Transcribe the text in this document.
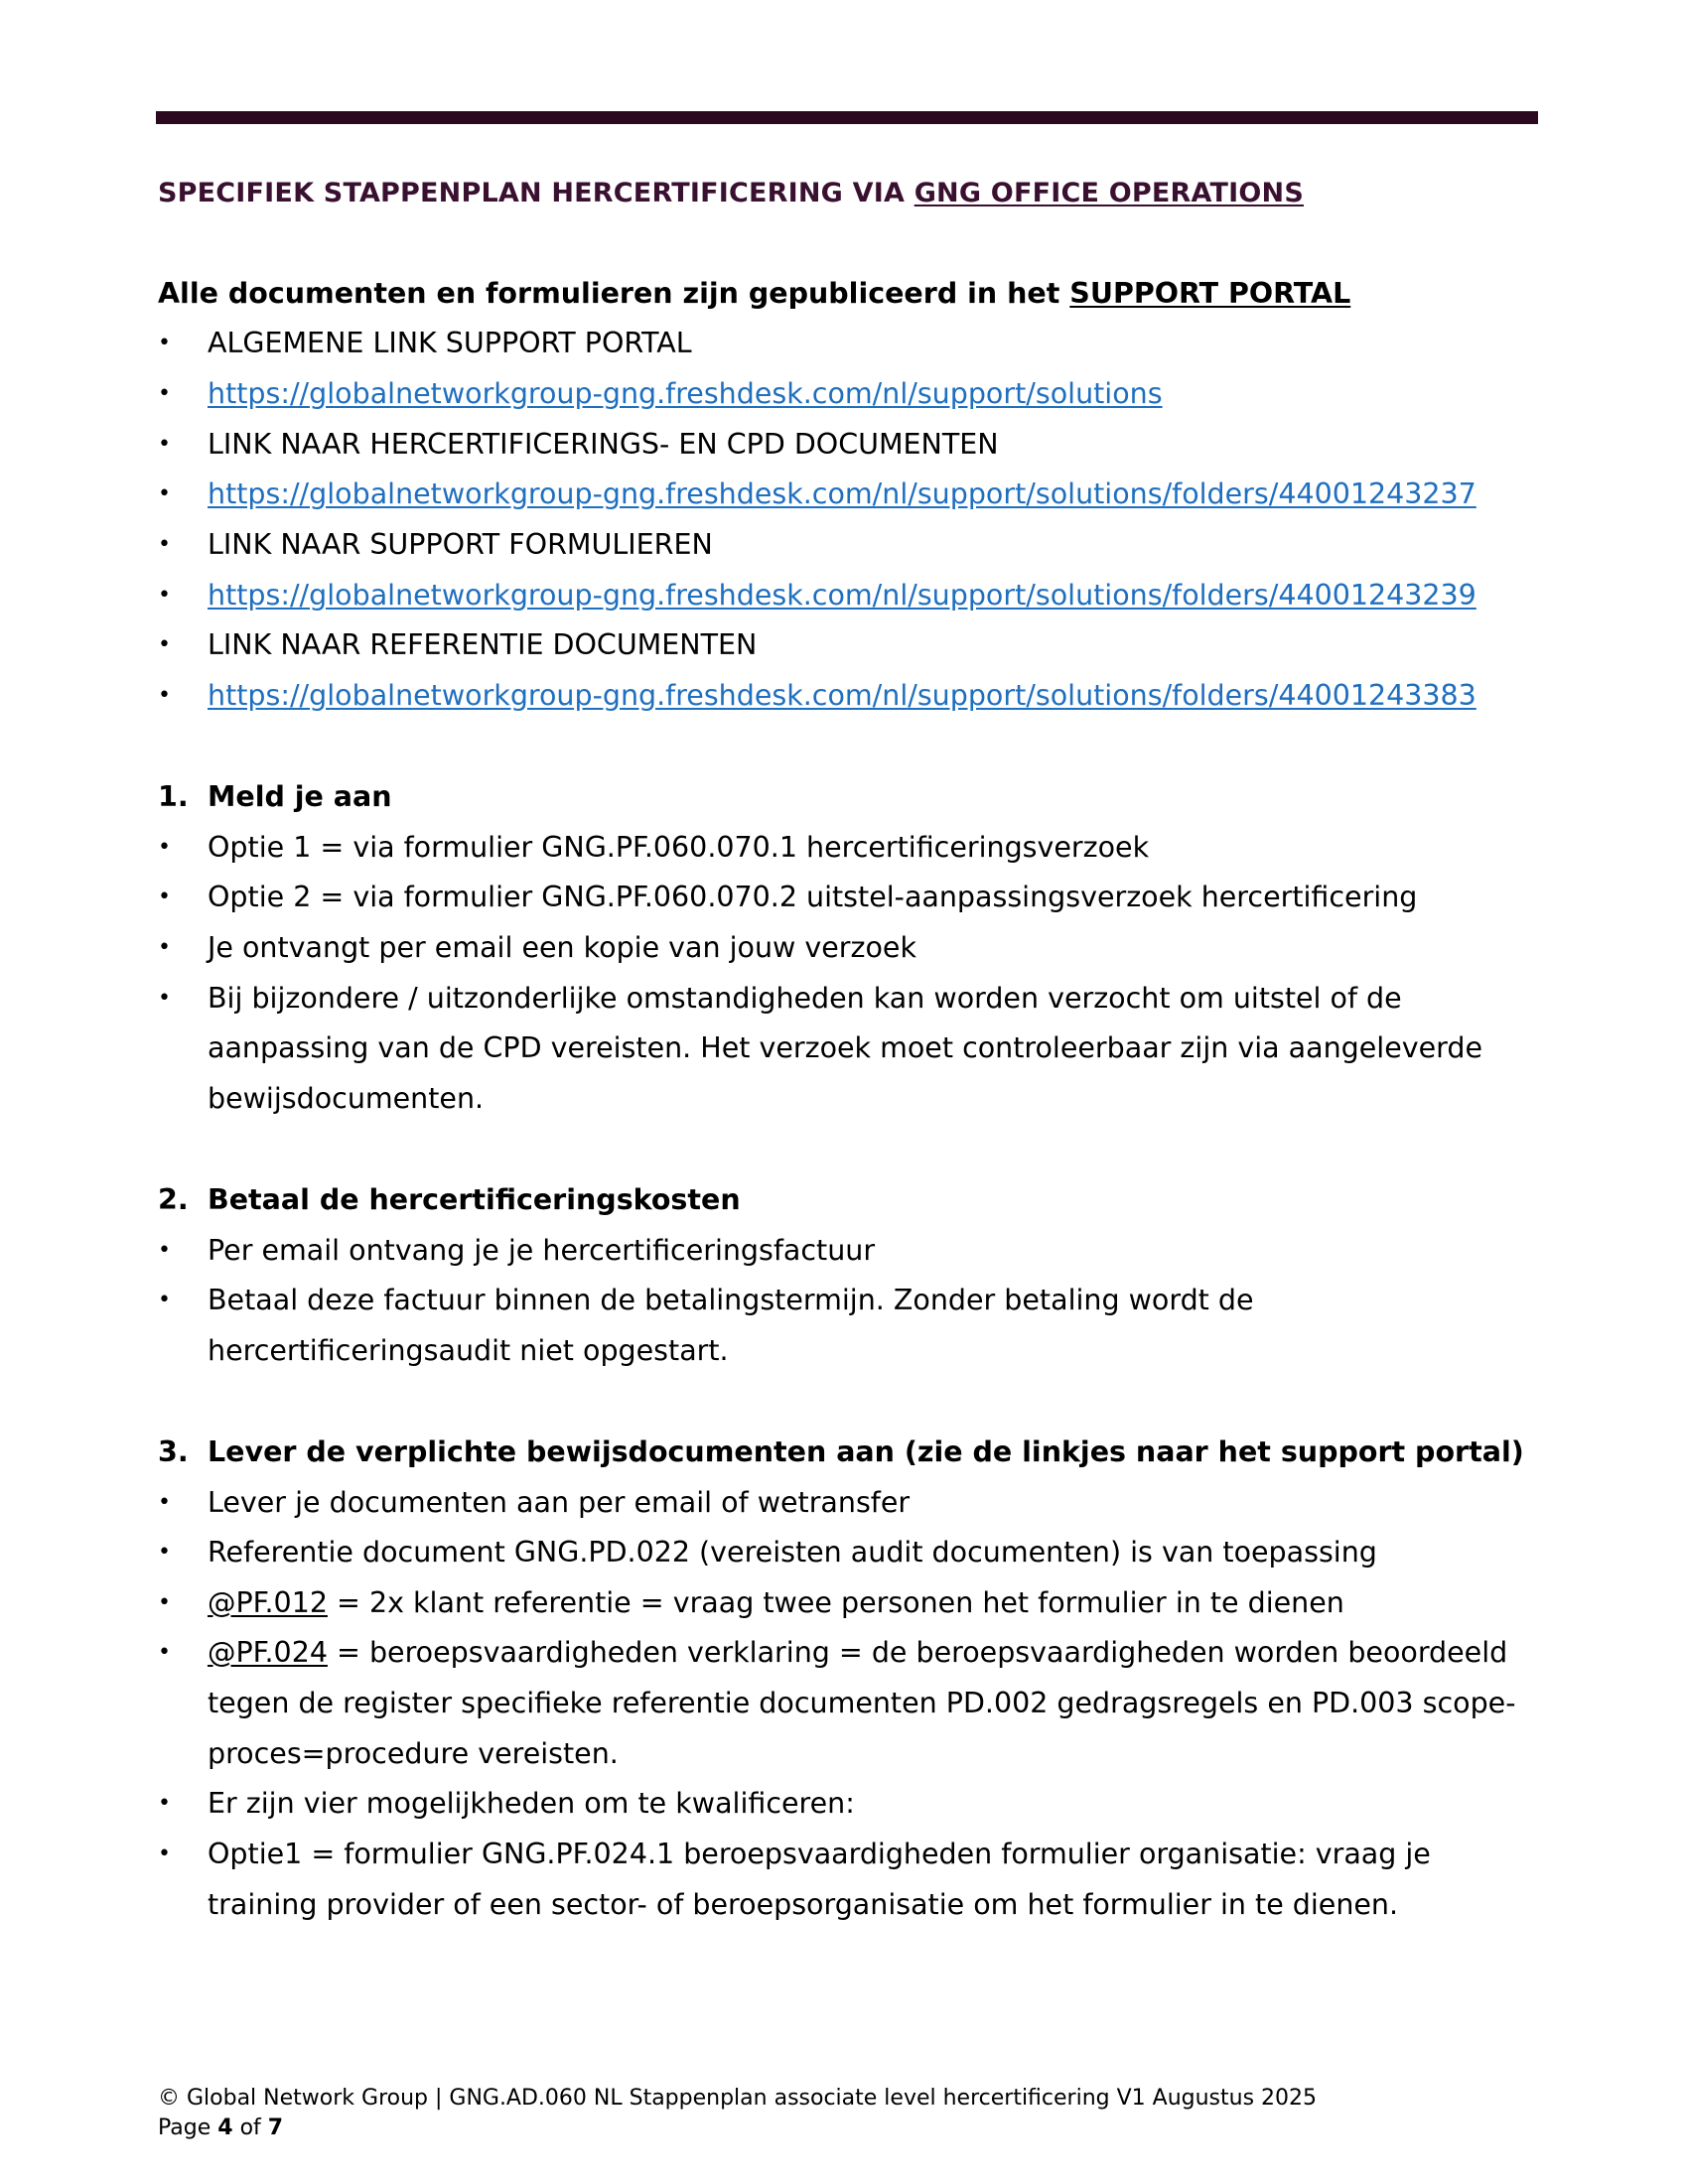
SPECIFIEK STAPPENPLAN HERCERTIFICERING VIA GNG OFFICE OPERATIONS
Alle documenten en formulieren zijn gepubliceerd in het SUPPORT PORTAL
• ALGEMENE LINK SUPPORT PORTAL
• https://globalnetworkgroup-gng.freshdesk.com/nl/support/solutions
• LINK NAAR HERCERTIFICERINGS- EN CPD DOCUMENTEN
• https://globalnetworkgroup-gng.freshdesk.com/nl/support/solutions/folders/44001243237
• LINK NAAR SUPPORT FORMULIEREN
• https://globalnetworkgroup-gng.freshdesk.com/nl/support/solutions/folders/44001243239
• LINK NAAR REFERENTIE DOCUMENTEN
• https://globalnetworkgroup-gng.freshdesk.com/nl/support/solutions/folders/44001243383
1. Meld je aan
• Optie 1 = via formulier GNG.PF.060.070.1 hercertificeringsverzoek
• Optie 2 = via formulier GNG.PF.060.070.2 uitstel-aanpassingsverzoek hercertificering
• Je ontvangt per email een kopie van jouw verzoek
• Bij bijzondere / uitzonderlijke omstandigheden kan worden verzocht om uitstel of de
aanpassing van de CPD vereisten. Het verzoek moet controleerbaar zijn via aangeleverde
bewijsdocumenten.
2. Betaal de hercertificeringskosten
• Per email ontvang je je hercertificeringsfactuur
• Betaal deze factuur binnen de betalingstermijn. Zonder betaling wordt de
hercertificeringsaudit niet opgestart.
3. Lever de verplichte bewijsdocumenten aan (zie de linkjes naar het support portal)
• Lever je documenten aan per email of wetransfer
• Referentie document GNG.PD.022 (vereisten audit documenten) is van toepassing
• @PF.012 = 2x klant referentie = vraag twee personen het formulier in te dienen
• @PF.024 = beroepsvaardigheden verklaring = de beroepsvaardigheden worden beoordeeld
tegen de register specifieke referentie documenten PD.002 gedragsregels en PD.003 scope-
proces=procedure vereisten.
• Er zijn vier mogelijkheden om te kwalificeren:
• Optie1 = formulier GNG.PF.024.1 beroepsvaardigheden formulier organisatie: vraag je
training provider of een sector- of beroepsorganisatie om het formulier in te dienen.
© Global Network Group | GNG.AD.060 NL Stappenplan associate level hercertificering V1 Augustus 2025
Page 4 of 7
